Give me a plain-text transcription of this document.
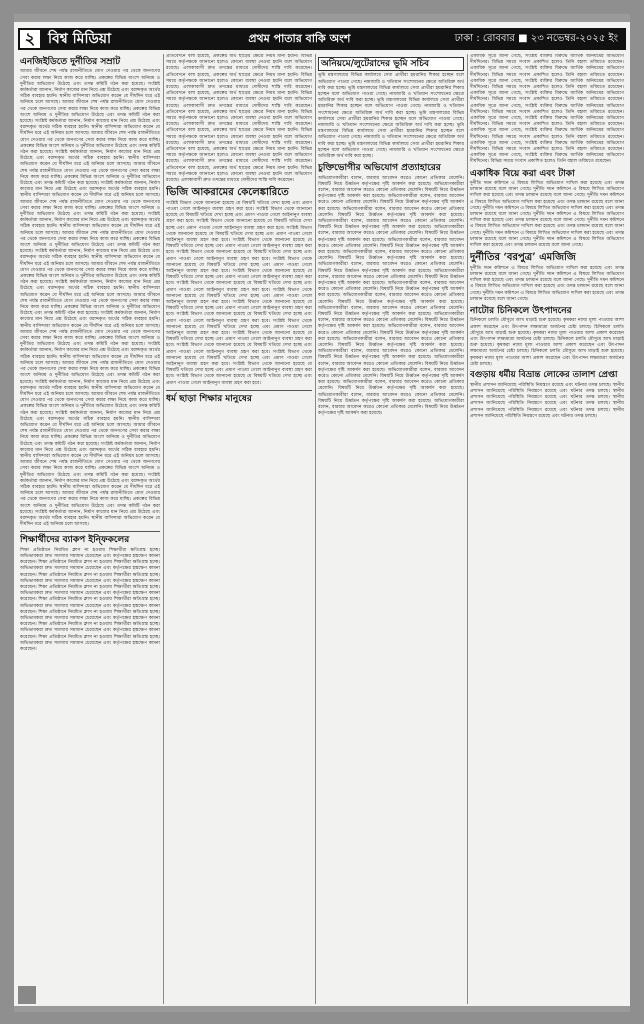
২ বিশ্ব মিডিয়া	প্রথম পাতার বাকি অংশ	ঢাকা : রোববার ■ ২৩ নভেম্বর-২০২৫ ইং
এনজিইডিতে দুর্নীতির সম্রাট

আমার জীবনে শেষ পর্যন্ত রাজনীতিতে যোগ দেওয়ার পর থেকে জনগণের সেবা করার লক্ষ্য নিয়ে কাজ করে যাচ্ছি। প্রকল্পের বিভিন্ন অংশে অনিয়ম ও দুর্নীতির অভিযোগ উঠেছে এবং তদন্ত কমিটি গঠন করা হয়েছে। সংশ্লিষ্ট কর্মকর্তারা জানান, নির্মাণ কাজের মান নিয়ে প্রশ্ন উঠেছে এবং বরাদ্দকৃত অর্থের সঠিক ব্যবহার হয়নি। স্থানীয় বাসিন্দারা অভিযোগ করেন যে দীর্ঘদিন ধরে এই অনিয়ম চলে আসছে। আমার জীবনে শেষ পর্যন্ত রাজনীতিতে যোগ দেওয়ার পর থেকে জনগণের সেবা করার লক্ষ্য নিয়ে কাজ করে যাচ্ছি। প্রকল্পের বিভিন্ন অংশে অনিয়ম ও দুর্নীতির অভিযোগ উঠেছে এবং তদন্ত কমিটি গঠন করা হয়েছে। সংশ্লিষ্ট কর্মকর্তারা জানান, নির্মাণ কাজের মান নিয়ে প্রশ্ন উঠেছে এবং বরাদ্দকৃত অর্থের সঠিক ব্যবহার হয়নি। স্থানীয় বাসিন্দারা অভিযোগ করেন যে দীর্ঘদিন ধরে এই অনিয়ম চলে আসছে। আমার জীবনে শেষ পর্যন্ত রাজনীতিতে যোগ দেওয়ার পর থেকে জনগণের সেবা করার লক্ষ্য নিয়ে কাজ করে যাচ্ছি। প্রকল্পের বিভিন্ন অংশে অনিয়ম ও দুর্নীতির অভিযোগ উঠেছে এবং তদন্ত কমিটি গঠন করা হয়েছে। সংশ্লিষ্ট কর্মকর্তারা জানান, নির্মাণ কাজের মান নিয়ে প্রশ্ন উঠেছে এবং বরাদ্দকৃত অর্থের সঠিক ব্যবহার হয়নি। স্থানীয় বাসিন্দারা অভিযোগ করেন যে দীর্ঘদিন ধরে এই অনিয়ম চলে আসছে। আমার জীবনে শেষ পর্যন্ত রাজনীতিতে যোগ দেওয়ার পর থেকে জনগণের সেবা করার লক্ষ্য নিয়ে কাজ করে যাচ্ছি। প্রকল্পের বিভিন্ন অংশে অনিয়ম ও দুর্নীতির অভিযোগ উঠেছে এবং তদন্ত কমিটি গঠন করা হয়েছে। সংশ্লিষ্ট কর্মকর্তারা জানান, নির্মাণ কাজের মান নিয়ে প্রশ্ন উঠেছে এবং বরাদ্দকৃত অর্থের সঠিক ব্যবহার হয়নি। স্থানীয় বাসিন্দারা অভিযোগ করেন যে দীর্ঘদিন ধরে এই অনিয়ম চলে আসছে। আমার জীবনে শেষ পর্যন্ত রাজনীতিতে যোগ দেওয়ার পর থেকে জনগণের সেবা করার লক্ষ্য নিয়ে কাজ করে যাচ্ছি। প্রকল্পের বিভিন্ন অংশে অনিয়ম ও দুর্নীতির অভিযোগ উঠেছে এবং তদন্ত কমিটি গঠন করা হয়েছে। সংশ্লিষ্ট কর্মকর্তারা জানান, নির্মাণ কাজের মান নিয়ে প্রশ্ন উঠেছে এবং বরাদ্দকৃত অর্থের সঠিক ব্যবহার হয়নি। স্থানীয় বাসিন্দারা অভিযোগ করেন যে দীর্ঘদিন ধরে এই অনিয়ম চলে আসছে। আমার জীবনে শেষ পর্যন্ত রাজনীতিতে যোগ দেওয়ার পর থেকে জনগণের সেবা করার লক্ষ্য নিয়ে কাজ করে যাচ্ছি। প্রকল্পের বিভিন্ন অংশে অনিয়ম ও দুর্নীতির অভিযোগ উঠেছে এবং তদন্ত কমিটি গঠন করা হয়েছে। সংশ্লিষ্ট কর্মকর্তারা জানান, নির্মাণ কাজের মান নিয়ে প্রশ্ন উঠেছে এবং বরাদ্দকৃত অর্থের সঠিক ব্যবহার হয়নি। স্থানীয় বাসিন্দারা অভিযোগ করেন যে দীর্ঘদিন ধরে এই অনিয়ম চলে আসছে। আমার জীবনে শেষ পর্যন্ত রাজনীতিতে যোগ দেওয়ার পর থেকে জনগণের সেবা করার লক্ষ্য নিয়ে কাজ করে যাচ্ছি। প্রকল্পের বিভিন্ন অংশে অনিয়ম ও দুর্নীতির অভিযোগ উঠেছে এবং তদন্ত কমিটি গঠন করা হয়েছে। সংশ্লিষ্ট কর্মকর্তারা জানান, নির্মাণ কাজের মান নিয়ে প্রশ্ন উঠেছে এবং বরাদ্দকৃত অর্থের সঠিক ব্যবহার হয়নি। স্থানীয় বাসিন্দারা অভিযোগ করেন যে দীর্ঘদিন ধরে এই অনিয়ম চলে আসছে। আমার জীবনে শেষ পর্যন্ত রাজনীতিতে যোগ দেওয়ার পর থেকে জনগণের সেবা করার লক্ষ্য নিয়ে কাজ করে যাচ্ছি। প্রকল্পের বিভিন্ন অংশে অনিয়ম ও দুর্নীতির অভিযোগ উঠেছে এবং তদন্ত কমিটি গঠন করা হয়েছে। সংশ্লিষ্ট কর্মকর্তারা জানান, নির্মাণ কাজের মান নিয়ে প্রশ্ন উঠেছে এবং বরাদ্দকৃত অর্থের সঠিক ব্যবহার হয়নি। স্থানীয় বাসিন্দারা অভিযোগ করেন যে দীর্ঘদিন ধরে এই অনিয়ম চলে আসছে। আমার জীবনে শেষ পর্যন্ত রাজনীতিতে যোগ দেওয়ার পর থেকে জনগণের সেবা করার লক্ষ্য নিয়ে কাজ করে যাচ্ছি। প্রকল্পের বিভিন্ন অংশে অনিয়ম ও দুর্নীতির অভিযোগ উঠেছে এবং তদন্ত কমিটি গঠন করা হয়েছে। সংশ্লিষ্ট কর্মকর্তারা জানান, নির্মাণ কাজের মান নিয়ে প্রশ্ন উঠেছে এবং বরাদ্দকৃত অর্থের সঠিক ব্যবহার হয়নি। স্থানীয় বাসিন্দারা অভিযোগ করেন যে দীর্ঘদিন ধরে এই অনিয়ম চলে আসছে। আমার জীবনে শেষ পর্যন্ত রাজনীতিতে যোগ দেওয়ার পর থেকে জনগণের সেবা করার লক্ষ্য নিয়ে কাজ করে যাচ্ছি। প্রকল্পের বিভিন্ন অংশে অনিয়ম ও দুর্নীতির অভিযোগ উঠেছে এবং তদন্ত কমিটি গঠন করা হয়েছে। সংশ্লিষ্ট কর্মকর্তারা জানান, নির্মাণ কাজের মান নিয়ে প্রশ্ন উঠেছে এবং বরাদ্দকৃত অর্থের সঠিক ব্যবহার হয়নি। স্থানীয় বাসিন্দারা অভিযোগ করেন যে দীর্ঘদিন ধরে এই অনিয়ম চলে আসছে। আমার জীবনে শেষ পর্যন্ত রাজনীতিতে যোগ দেওয়ার পর থেকে জনগণের সেবা করার লক্ষ্য নিয়ে কাজ করে যাচ্ছি। প্রকল্পের বিভিন্ন অংশে অনিয়ম ও দুর্নীতির অভিযোগ উঠেছে এবং তদন্ত কমিটি গঠন করা হয়েছে। সংশ্লিষ্ট কর্মকর্তারা জানান, নির্মাণ কাজের মান নিয়ে প্রশ্ন উঠেছে এবং বরাদ্দকৃত অর্থের সঠিক ব্যবহার হয়নি। স্থানীয় বাসিন্দারা অভিযোগ করেন যে দীর্ঘদিন ধরে এই অনিয়ম চলে আসছে। আমার জীবনে শেষ পর্যন্ত রাজনীতিতে যোগ দেওয়ার পর থেকে জনগণের সেবা করার লক্ষ্য নিয়ে কাজ করে যাচ্ছি। প্রকল্পের বিভিন্ন অংশে অনিয়ম ও দুর্নীতির অভিযোগ উঠেছে এবং তদন্ত কমিটি গঠন করা হয়েছে। সংশ্লিষ্ট কর্মকর্তারা জানান, নির্মাণ কাজের মান নিয়ে প্রশ্ন উঠেছে এবং বরাদ্দকৃত অর্থের সঠিক ব্যবহার হয়নি। স্থানীয় বাসিন্দারা অভিযোগ করেন যে দীর্ঘদিন ধরে এই অনিয়ম চলে আসছে। আমার জীবনে শেষ পর্যন্ত রাজনীতিতে যোগ দেওয়ার পর থেকে জনগণের সেবা করার লক্ষ্য নিয়ে কাজ করে যাচ্ছি। প্রকল্পের বিভিন্ন অংশে অনিয়ম ও দুর্নীতির অভিযোগ উঠেছে এবং তদন্ত কমিটি গঠন করা হয়েছে। সংশ্লিষ্ট কর্মকর্তারা জানান, নির্মাণ কাজের মান নিয়ে প্রশ্ন উঠেছে এবং বরাদ্দকৃত অর্থের সঠিক ব্যবহার হয়নি। স্থানীয় বাসিন্দারা অভিযোগ করেন যে দীর্ঘদিন ধরে এই অনিয়ম চলে আসছে। আমার জীবনে শেষ পর্যন্ত রাজনীতিতে যোগ দেওয়ার পর থেকে জনগণের সেবা করার লক্ষ্য নিয়ে কাজ করে যাচ্ছি। প্রকল্পের বিভিন্ন অংশে অনিয়ম ও দুর্নীতির অভিযোগ উঠেছে এবং তদন্ত কমিটি গঠন করা হয়েছে। সংশ্লিষ্ট কর্মকর্তারা জানান, নির্মাণ কাজের মান নিয়ে প্রশ্ন উঠেছে এবং বরাদ্দকৃত অর্থের সঠিক ব্যবহার হয়নি। স্থানীয় বাসিন্দারা অভিযোগ করেন যে দীর্ঘদিন ধরে এই অনিয়ম চলে আসছে।

শিক্ষার্থীদের ব্যাকপ ইন্ফিকলের

শিক্ষা প্রতিষ্ঠানে নিয়মিত ক্লাস না হওয়ায় শিক্ষার্থীরা ক্ষতিগ্রস্ত হচ্ছে। অভিভাবকরা দ্রুত সমস্যার সমাধান চেয়েছেন এবং কর্তৃপক্ষের হস্তক্ষেপ কামনা করেছেন। শিক্ষা প্রতিষ্ঠানে নিয়মিত ক্লাস না হওয়ায় শিক্ষার্থীরা ক্ষতিগ্রস্ত হচ্ছে। অভিভাবকরা দ্রুত সমস্যার সমাধান চেয়েছেন এবং কর্তৃপক্ষের হস্তক্ষেপ কামনা করেছেন। শিক্ষা প্রতিষ্ঠানে নিয়মিত ক্লাস না হওয়ায় শিক্ষার্থীরা ক্ষতিগ্রস্ত হচ্ছে। অভিভাবকরা দ্রুত সমস্যার সমাধান চেয়েছেন এবং কর্তৃপক্ষের হস্তক্ষেপ কামনা করেছেন। শিক্ষা প্রতিষ্ঠানে নিয়মিত ক্লাস না হওয়ায় শিক্ষার্থীরা ক্ষতিগ্রস্ত হচ্ছে। অভিভাবকরা দ্রুত সমস্যার সমাধান চেয়েছেন এবং কর্তৃপক্ষের হস্তক্ষেপ কামনা করেছেন। শিক্ষা প্রতিষ্ঠানে নিয়মিত ক্লাস না হওয়ায় শিক্ষার্থীরা ক্ষতিগ্রস্ত হচ্ছে। অভিভাবকরা দ্রুত সমস্যার সমাধান চেয়েছেন এবং কর্তৃপক্ষের হস্তক্ষেপ কামনা করেছেন। শিক্ষা প্রতিষ্ঠানে নিয়মিত ক্লাস না হওয়ায় শিক্ষার্থীরা ক্ষতিগ্রস্ত হচ্ছে। অভিভাবকরা দ্রুত সমস্যার সমাধান চেয়েছেন এবং কর্তৃপক্ষের হস্তক্ষেপ কামনা করেছেন। শিক্ষা প্রতিষ্ঠানে নিয়মিত ক্লাস না হওয়ায় শিক্ষার্থীরা ক্ষতিগ্রস্ত হচ্ছে। অভিভাবকরা দ্রুত সমস্যার সমাধান চেয়েছেন এবং কর্তৃপক্ষের হস্তক্ষেপ কামনা করেছেন। শিক্ষা প্রতিষ্ঠানে নিয়মিত ক্লাস না হওয়ায় শিক্ষার্থীরা ক্ষতিগ্রস্ত হচ্ছে। অভিভাবকরা দ্রুত সমস্যার সমাধান চেয়েছেন এবং কর্তৃপক্ষের হস্তক্ষেপ কামনা করেছেন।

প্রতিবেদনে বলা হয়েছে, প্রকল্পের অর্থ ছাড়ের ক্ষেত্রে নিয়ম মানা হয়নি। বিভিন্ন সময়ে কর্তৃপক্ষকে জানানো হলেও কোনো ব্যবস্থা নেওয়া হয়নি বলে অভিযোগ রয়েছে। এলাকাবাসী দ্রুত তদন্তের মাধ্যমে দোষীদের শাস্তি দাবি করেছেন। প্রতিবেদনে বলা হয়েছে, প্রকল্পের অর্থ ছাড়ের ক্ষেত্রে নিয়ম মানা হয়নি। বিভিন্ন সময়ে কর্তৃপক্ষকে জানানো হলেও কোনো ব্যবস্থা নেওয়া হয়নি বলে অভিযোগ রয়েছে। এলাকাবাসী দ্রুত তদন্তের মাধ্যমে দোষীদের শাস্তি দাবি করেছেন। প্রতিবেদনে বলা হয়েছে, প্রকল্পের অর্থ ছাড়ের ক্ষেত্রে নিয়ম মানা হয়নি। বিভিন্ন সময়ে কর্তৃপক্ষকে জানানো হলেও কোনো ব্যবস্থা নেওয়া হয়নি বলে অভিযোগ রয়েছে। এলাকাবাসী দ্রুত তদন্তের মাধ্যমে দোষীদের শাস্তি দাবি করেছেন। প্রতিবেদনে বলা হয়েছে, প্রকল্পের অর্থ ছাড়ের ক্ষেত্রে নিয়ম মানা হয়নি। বিভিন্ন সময়ে কর্তৃপক্ষকে জানানো হলেও কোনো ব্যবস্থা নেওয়া হয়নি বলে অভিযোগ রয়েছে। এলাকাবাসী দ্রুত তদন্তের মাধ্যমে দোষীদের শাস্তি দাবি করেছেন। প্রতিবেদনে বলা হয়েছে, প্রকল্পের অর্থ ছাড়ের ক্ষেত্রে নিয়ম মানা হয়নি। বিভিন্ন সময়ে কর্তৃপক্ষকে জানানো হলেও কোনো ব্যবস্থা নেওয়া হয়নি বলে অভিযোগ রয়েছে। এলাকাবাসী দ্রুত তদন্তের মাধ্যমে দোষীদের শাস্তি দাবি করেছেন। প্রতিবেদনে বলা হয়েছে, প্রকল্পের অর্থ ছাড়ের ক্ষেত্রে নিয়ম মানা হয়নি। বিভিন্ন সময়ে কর্তৃপক্ষকে জানানো হলেও কোনো ব্যবস্থা নেওয়া হয়নি বলে অভিযোগ রয়েছে। এলাকাবাসী দ্রুত তদন্তের মাধ্যমে দোষীদের শাস্তি দাবি করেছেন। প্রতিবেদনে বলা হয়েছে, প্রকল্পের অর্থ ছাড়ের ক্ষেত্রে নিয়ম মানা হয়নি। বিভিন্ন সময়ে কর্তৃপক্ষকে জানানো হলেও কোনো ব্যবস্থা নেওয়া হয়নি বলে অভিযোগ রয়েছে। এলাকাবাসী দ্রুত তদন্তের মাধ্যমে দোষীদের শাস্তি দাবি করেছেন।

ভিজি আকরামের কেলেঙ্কারিতে

সংশ্লিষ্ট বিভাগ থেকে জানানো হয়েছে যে বিষয়টি খতিয়ে দেখা হচ্ছে এবং প্রমাণ পাওয়া গেলে আইনানুগ ব্যবস্থা গ্রহণ করা হবে। সংশ্লিষ্ট বিভাগ থেকে জানানো হয়েছে যে বিষয়টি খতিয়ে দেখা হচ্ছে এবং প্রমাণ পাওয়া গেলে আইনানুগ ব্যবস্থা গ্রহণ করা হবে। সংশ্লিষ্ট বিভাগ থেকে জানানো হয়েছে যে বিষয়টি খতিয়ে দেখা হচ্ছে এবং প্রমাণ পাওয়া গেলে আইনানুগ ব্যবস্থা গ্রহণ করা হবে। সংশ্লিষ্ট বিভাগ থেকে জানানো হয়েছে যে বিষয়টি খতিয়ে দেখা হচ্ছে এবং প্রমাণ পাওয়া গেলে আইনানুগ ব্যবস্থা গ্রহণ করা হবে। সংশ্লিষ্ট বিভাগ থেকে জানানো হয়েছে যে বিষয়টি খতিয়ে দেখা হচ্ছে এবং প্রমাণ পাওয়া গেলে আইনানুগ ব্যবস্থা গ্রহণ করা হবে। সংশ্লিষ্ট বিভাগ থেকে জানানো হয়েছে যে বিষয়টি খতিয়ে দেখা হচ্ছে এবং প্রমাণ পাওয়া গেলে আইনানুগ ব্যবস্থা গ্রহণ করা হবে। সংশ্লিষ্ট বিভাগ থেকে জানানো হয়েছে যে বিষয়টি খতিয়ে দেখা হচ্ছে এবং প্রমাণ পাওয়া গেলে আইনানুগ ব্যবস্থা গ্রহণ করা হবে। সংশ্লিষ্ট বিভাগ থেকে জানানো হয়েছে যে বিষয়টি খতিয়ে দেখা হচ্ছে এবং প্রমাণ পাওয়া গেলে আইনানুগ ব্যবস্থা গ্রহণ করা হবে। সংশ্লিষ্ট বিভাগ থেকে জানানো হয়েছে যে বিষয়টি খতিয়ে দেখা হচ্ছে এবং প্রমাণ পাওয়া গেলে আইনানুগ ব্যবস্থা গ্রহণ করা হবে। সংশ্লিষ্ট বিভাগ থেকে জানানো হয়েছে যে বিষয়টি খতিয়ে দেখা হচ্ছে এবং প্রমাণ পাওয়া গেলে আইনানুগ ব্যবস্থা গ্রহণ করা হবে। সংশ্লিষ্ট বিভাগ থেকে জানানো হয়েছে যে বিষয়টি খতিয়ে দেখা হচ্ছে এবং প্রমাণ পাওয়া গেলে আইনানুগ ব্যবস্থা গ্রহণ করা হবে। সংশ্লিষ্ট বিভাগ থেকে জানানো হয়েছে যে বিষয়টি খতিয়ে দেখা হচ্ছে এবং প্রমাণ পাওয়া গেলে আইনানুগ ব্যবস্থা গ্রহণ করা হবে। সংশ্লিষ্ট বিভাগ থেকে জানানো হয়েছে যে বিষয়টি খতিয়ে দেখা হচ্ছে এবং প্রমাণ পাওয়া গেলে আইনানুগ ব্যবস্থা গ্রহণ করা হবে। সংশ্লিষ্ট বিভাগ থেকে জানানো হয়েছে যে বিষয়টি খতিয়ে দেখা হচ্ছে এবং প্রমাণ পাওয়া গেলে আইনানুগ ব্যবস্থা গ্রহণ করা হবে। সংশ্লিষ্ট বিভাগ থেকে জানানো হয়েছে যে বিষয়টি খতিয়ে দেখা হচ্ছে এবং প্রমাণ পাওয়া গেলে আইনানুগ ব্যবস্থা গ্রহণ করা হবে। সংশ্লিষ্ট বিভাগ থেকে জানানো হয়েছে যে বিষয়টি খতিয়ে দেখা হচ্ছে এবং প্রমাণ পাওয়া গেলে আইনানুগ ব্যবস্থা গ্রহণ করা হবে। সংশ্লিষ্ট বিভাগ থেকে জানানো হয়েছে যে বিষয়টি খতিয়ে দেখা হচ্ছে এবং প্রমাণ পাওয়া গেলে আইনানুগ ব্যবস্থা গ্রহণ করা হবে। সংশ্লিষ্ট বিভাগ থেকে জানানো হয়েছে যে বিষয়টি খতিয়ে দেখা হচ্ছে এবং প্রমাণ পাওয়া গেলে আইনানুগ ব্যবস্থা গ্রহণ করা হবে।

ধর্ম ছাড়া শিক্ষার মানুষের
অনিয়মে/লুটেরাদের ভূমি সচিব

ভূমি মন্ত্রণালয়ের বিভিন্ন কার্যালয়ে সেবা প্রার্থীরা হয়রানির শিকার হচ্ছেন বলে অভিযোগ পাওয়া গেছে। নামজারি ও খতিয়ান সংশোধনের ক্ষেত্রে অতিরিক্ত অর্থ দাবি করা হচ্ছে। ভূমি মন্ত্রণালয়ের বিভিন্ন কার্যালয়ে সেবা প্রার্থীরা হয়রানির শিকার হচ্ছেন বলে অভিযোগ পাওয়া গেছে। নামজারি ও খতিয়ান সংশোধনের ক্ষেত্রে অতিরিক্ত অর্থ দাবি করা হচ্ছে। ভূমি মন্ত্রণালয়ের বিভিন্ন কার্যালয়ে সেবা প্রার্থীরা হয়রানির শিকার হচ্ছেন বলে অভিযোগ পাওয়া গেছে। নামজারি ও খতিয়ান সংশোধনের ক্ষেত্রে অতিরিক্ত অর্থ দাবি করা হচ্ছে। ভূমি মন্ত্রণালয়ের বিভিন্ন কার্যালয়ে সেবা প্রার্থীরা হয়রানির শিকার হচ্ছেন বলে অভিযোগ পাওয়া গেছে। নামজারি ও খতিয়ান সংশোধনের ক্ষেত্রে অতিরিক্ত অর্থ দাবি করা হচ্ছে। ভূমি মন্ত্রণালয়ের বিভিন্ন কার্যালয়ে সেবা প্রার্থীরা হয়রানির শিকার হচ্ছেন বলে অভিযোগ পাওয়া গেছে। নামজারি ও খতিয়ান সংশোধনের ক্ষেত্রে অতিরিক্ত অর্থ দাবি করা হচ্ছে। ভূমি মন্ত্রণালয়ের বিভিন্ন কার্যালয়ে সেবা প্রার্থীরা হয়রানির শিকার হচ্ছেন বলে অভিযোগ পাওয়া গেছে। নামজারি ও খতিয়ান সংশোধনের ক্ষেত্রে অতিরিক্ত অর্থ দাবি করা হচ্ছে।

চুক্তিভোগীর অভিযোগ প্রত্যাহারের

অভিযোগকারীরা বলেন, বারবার আবেদন করেও কোনো প্রতিকার মেলেনি। বিষয়টি নিয়ে উর্ধ্বতন কর্তৃপক্ষের দৃষ্টি আকর্ষণ করা হয়েছে। অভিযোগকারীরা বলেন, বারবার আবেদন করেও কোনো প্রতিকার মেলেনি। বিষয়টি নিয়ে উর্ধ্বতন কর্তৃপক্ষের দৃষ্টি আকর্ষণ করা হয়েছে। অভিযোগকারীরা বলেন, বারবার আবেদন করেও কোনো প্রতিকার মেলেনি। বিষয়টি নিয়ে উর্ধ্বতন কর্তৃপক্ষের দৃষ্টি আকর্ষণ করা হয়েছে। অভিযোগকারীরা বলেন, বারবার আবেদন করেও কোনো প্রতিকার মেলেনি। বিষয়টি নিয়ে উর্ধ্বতন কর্তৃপক্ষের দৃষ্টি আকর্ষণ করা হয়েছে। অভিযোগকারীরা বলেন, বারবার আবেদন করেও কোনো প্রতিকার মেলেনি। বিষয়টি নিয়ে উর্ধ্বতন কর্তৃপক্ষের দৃষ্টি আকর্ষণ করা হয়েছে। অভিযোগকারীরা বলেন, বারবার আবেদন করেও কোনো প্রতিকার মেলেনি। বিষয়টি নিয়ে উর্ধ্বতন কর্তৃপক্ষের দৃষ্টি আকর্ষণ করা হয়েছে। অভিযোগকারীরা বলেন, বারবার আবেদন করেও কোনো প্রতিকার মেলেনি। বিষয়টি নিয়ে উর্ধ্বতন কর্তৃপক্ষের দৃষ্টি আকর্ষণ করা হয়েছে। অভিযোগকারীরা বলেন, বারবার আবেদন করেও কোনো প্রতিকার মেলেনি। বিষয়টি নিয়ে উর্ধ্বতন কর্তৃপক্ষের দৃষ্টি আকর্ষণ করা হয়েছে। অভিযোগকারীরা বলেন, বারবার আবেদন করেও কোনো প্রতিকার মেলেনি। বিষয়টি নিয়ে উর্ধ্বতন কর্তৃপক্ষের দৃষ্টি আকর্ষণ করা হয়েছে। অভিযোগকারীরা বলেন, বারবার আবেদন করেও কোনো প্রতিকার মেলেনি। বিষয়টি নিয়ে উর্ধ্বতন কর্তৃপক্ষের দৃষ্টি আকর্ষণ করা হয়েছে। অভিযোগকারীরা বলেন, বারবার আবেদন করেও কোনো প্রতিকার মেলেনি। বিষয়টি নিয়ে উর্ধ্বতন কর্তৃপক্ষের দৃষ্টি আকর্ষণ করা হয়েছে। অভিযোগকারীরা বলেন, বারবার আবেদন করেও কোনো প্রতিকার মেলেনি। বিষয়টি নিয়ে উর্ধ্বতন কর্তৃপক্ষের দৃষ্টি আকর্ষণ করা হয়েছে। অভিযোগকারীরা বলেন, বারবার আবেদন করেও কোনো প্রতিকার মেলেনি। বিষয়টি নিয়ে উর্ধ্বতন কর্তৃপক্ষের দৃষ্টি আকর্ষণ করা হয়েছে। অভিযোগকারীরা বলেন, বারবার আবেদন করেও কোনো প্রতিকার মেলেনি। বিষয়টি নিয়ে উর্ধ্বতন কর্তৃপক্ষের দৃষ্টি আকর্ষণ করা হয়েছে। অভিযোগকারীরা বলেন, বারবার আবেদন করেও কোনো প্রতিকার মেলেনি। বিষয়টি নিয়ে উর্ধ্বতন কর্তৃপক্ষের দৃষ্টি আকর্ষণ করা হয়েছে। অভিযোগকারীরা বলেন, বারবার আবেদন করেও কোনো প্রতিকার মেলেনি। বিষয়টি নিয়ে উর্ধ্বতন কর্তৃপক্ষের দৃষ্টি আকর্ষণ করা হয়েছে। অভিযোগকারীরা বলেন, বারবার আবেদন করেও কোনো প্রতিকার মেলেনি। বিষয়টি নিয়ে উর্ধ্বতন কর্তৃপক্ষের দৃষ্টি আকর্ষণ করা হয়েছে। অভিযোগকারীরা বলেন, বারবার আবেদন করেও কোনো প্রতিকার মেলেনি। বিষয়টি নিয়ে উর্ধ্বতন কর্তৃপক্ষের দৃষ্টি আকর্ষণ করা হয়েছে। অভিযোগকারীরা বলেন, বারবার আবেদন করেও কোনো প্রতিকার মেলেনি। বিষয়টি নিয়ে উর্ধ্বতন কর্তৃপক্ষের দৃষ্টি আকর্ষণ করা হয়েছে। অভিযোগকারীরা বলেন, বারবার আবেদন করেও কোনো প্রতিকার মেলেনি। বিষয়টি নিয়ে উর্ধ্বতন কর্তৃপক্ষের দৃষ্টি আকর্ষণ করা হয়েছে। অভিযোগকারীরা বলেন, বারবার আবেদন করেও কোনো প্রতিকার মেলেনি। বিষয়টি নিয়ে উর্ধ্বতন কর্তৃপক্ষের দৃষ্টি আকর্ষণ করা হয়েছে। অভিযোগকারীরা বলেন, বারবার আবেদন করেও কোনো প্রতিকার মেলেনি। বিষয়টি নিয়ে উর্ধ্বতন কর্তৃপক্ষের দৃষ্টি আকর্ষণ করা হয়েছে।

একাধিক সূত্রে জানা গেছে, সংশ্লিষ্ট ব্যক্তির বিরুদ্ধে আর্থিক অনিয়মের অভিযোগ দীর্ঘদিনের। বিভিন্ন সময়ে সংবাদ প্রকাশিত হলেও তিনি বহাল তবিয়তে রয়েছেন। একাধিক সূত্রে জানা গেছে, সংশ্লিষ্ট ব্যক্তির বিরুদ্ধে আর্থিক অনিয়মের অভিযোগ দীর্ঘদিনের। বিভিন্ন সময়ে সংবাদ প্রকাশিত হলেও তিনি বহাল তবিয়তে রয়েছেন। একাধিক সূত্রে জানা গেছে, সংশ্লিষ্ট ব্যক্তির বিরুদ্ধে আর্থিক অনিয়মের অভিযোগ দীর্ঘদিনের। বিভিন্ন সময়ে সংবাদ প্রকাশিত হলেও তিনি বহাল তবিয়তে রয়েছেন। একাধিক সূত্রে জানা গেছে, সংশ্লিষ্ট ব্যক্তির বিরুদ্ধে আর্থিক অনিয়মের অভিযোগ দীর্ঘদিনের। বিভিন্ন সময়ে সংবাদ প্রকাশিত হলেও তিনি বহাল তবিয়তে রয়েছেন। একাধিক সূত্রে জানা গেছে, সংশ্লিষ্ট ব্যক্তির বিরুদ্ধে আর্থিক অনিয়মের অভিযোগ দীর্ঘদিনের। বিভিন্ন সময়ে সংবাদ প্রকাশিত হলেও তিনি বহাল তবিয়তে রয়েছেন। একাধিক সূত্রে জানা গেছে, সংশ্লিষ্ট ব্যক্তির বিরুদ্ধে আর্থিক অনিয়মের অভিযোগ দীর্ঘদিনের। বিভিন্ন সময়ে সংবাদ প্রকাশিত হলেও তিনি বহাল তবিয়তে রয়েছেন। একাধিক সূত্রে জানা গেছে, সংশ্লিষ্ট ব্যক্তির বিরুদ্ধে আর্থিক অনিয়মের অভিযোগ দীর্ঘদিনের। বিভিন্ন সময়ে সংবাদ প্রকাশিত হলেও তিনি বহাল তবিয়তে রয়েছেন। একাধিক সূত্রে জানা গেছে, সংশ্লিষ্ট ব্যক্তির বিরুদ্ধে আর্থিক অনিয়মের অভিযোগ দীর্ঘদিনের। বিভিন্ন সময়ে সংবাদ প্রকাশিত হলেও তিনি বহাল তবিয়তে রয়েছেন। একাধিক সূত্রে জানা গেছে, সংশ্লিষ্ট ব্যক্তির বিরুদ্ধে আর্থিক অনিয়মের অভিযোগ দীর্ঘদিনের। বিভিন্ন সময়ে সংবাদ প্রকাশিত হলেও তিনি বহাল তবিয়তে রয়েছেন।

একাধিক বিয়ে করা এবং টাকা

দুর্নীতি দমন কমিশনে এ বিষয়ে লিখিত অভিযোগ দাখিল করা হয়েছে এবং তদন্ত চলমান রয়েছে বলে জানা গেছে। দুর্নীতি দমন কমিশনে এ বিষয়ে লিখিত অভিযোগ দাখিল করা হয়েছে এবং তদন্ত চলমান রয়েছে বলে জানা গেছে। দুর্নীতি দমন কমিশনে এ বিষয়ে লিখিত অভিযোগ দাখিল করা হয়েছে এবং তদন্ত চলমান রয়েছে বলে জানা গেছে। দুর্নীতি দমন কমিশনে এ বিষয়ে লিখিত অভিযোগ দাখিল করা হয়েছে এবং তদন্ত চলমান রয়েছে বলে জানা গেছে। দুর্নীতি দমন কমিশনে এ বিষয়ে লিখিত অভিযোগ দাখিল করা হয়েছে এবং তদন্ত চলমান রয়েছে বলে জানা গেছে। দুর্নীতি দমন কমিশনে এ বিষয়ে লিখিত অভিযোগ দাখিল করা হয়েছে এবং তদন্ত চলমান রয়েছে বলে জানা গেছে। দুর্নীতি দমন কমিশনে এ বিষয়ে লিখিত অভিযোগ দাখিল করা হয়েছে এবং তদন্ত চলমান রয়েছে বলে জানা গেছে। দুর্নীতি দমন কমিশনে এ বিষয়ে লিখিত অভিযোগ দাখিল করা হয়েছে এবং তদন্ত চলমান রয়েছে বলে জানা গেছে।

দুর্নীতির ‘বরপুত্র’ এমজিজি

দুর্নীতি দমন কমিশনে এ বিষয়ে লিখিত অভিযোগ দাখিল করা হয়েছে এবং তদন্ত চলমান রয়েছে বলে জানা গেছে। দুর্নীতি দমন কমিশনে এ বিষয়ে লিখিত অভিযোগ দাখিল করা হয়েছে এবং তদন্ত চলমান রয়েছে বলে জানা গেছে। দুর্নীতি দমন কমিশনে এ বিষয়ে লিখিত অভিযোগ দাখিল করা হয়েছে এবং তদন্ত চলমান রয়েছে বলে জানা গেছে। দুর্নীতি দমন কমিশনে এ বিষয়ে লিখিত অভিযোগ দাখিল করা হয়েছে এবং তদন্ত চলমান রয়েছে বলে জানা গেছে।

নাটোর চিনিকলে উৎপাদনের

চিনিকলে চলতি মৌসুমে আখ মাড়াই শুরু হয়েছে। কৃষকরা ন্যায্য মূল্য পাওয়ার আশা প্রকাশ করেছেন এবং উৎপাদন লক্ষ্যমাত্রা অর্জনের চেষ্টা চলছে। চিনিকলে চলতি মৌসুমে আখ মাড়াই শুরু হয়েছে। কৃষকরা ন্যায্য মূল্য পাওয়ার আশা প্রকাশ করেছেন এবং উৎপাদন লক্ষ্যমাত্রা অর্জনের চেষ্টা চলছে। চিনিকলে চলতি মৌসুমে আখ মাড়াই শুরু হয়েছে। কৃষকরা ন্যায্য মূল্য পাওয়ার আশা প্রকাশ করেছেন এবং উৎপাদন লক্ষ্যমাত্রা অর্জনের চেষ্টা চলছে। চিনিকলে চলতি মৌসুমে আখ মাড়াই শুরু হয়েছে। কৃষকরা ন্যায্য মূল্য পাওয়ার আশা প্রকাশ করেছেন এবং উৎপাদন লক্ষ্যমাত্রা অর্জনের চেষ্টা চলছে।

বগুড়ায় ধর্মীয় বিভ্রান্ত লোকের তালাশ প্রেপ্তা

স্থানীয় প্রশাসন জানিয়েছে পরিস্থিতি নিয়ন্ত্রণে রয়েছে এবং ঘটনার তদন্ত চলছে। স্থানীয় প্রশাসন জানিয়েছে পরিস্থিতি নিয়ন্ত্রণে রয়েছে এবং ঘটনার তদন্ত চলছে। স্থানীয় প্রশাসন জানিয়েছে পরিস্থিতি নিয়ন্ত্রণে রয়েছে এবং ঘটনার তদন্ত চলছে। স্থানীয় প্রশাসন জানিয়েছে পরিস্থিতি নিয়ন্ত্রণে রয়েছে এবং ঘটনার তদন্ত চলছে। স্থানীয় প্রশাসন জানিয়েছে পরিস্থিতি নিয়ন্ত্রণে রয়েছে এবং ঘটনার তদন্ত চলছে। স্থানীয় প্রশাসন জানিয়েছে পরিস্থিতি নিয়ন্ত্রণে রয়েছে এবং ঘটনার তদন্ত চলছে।
